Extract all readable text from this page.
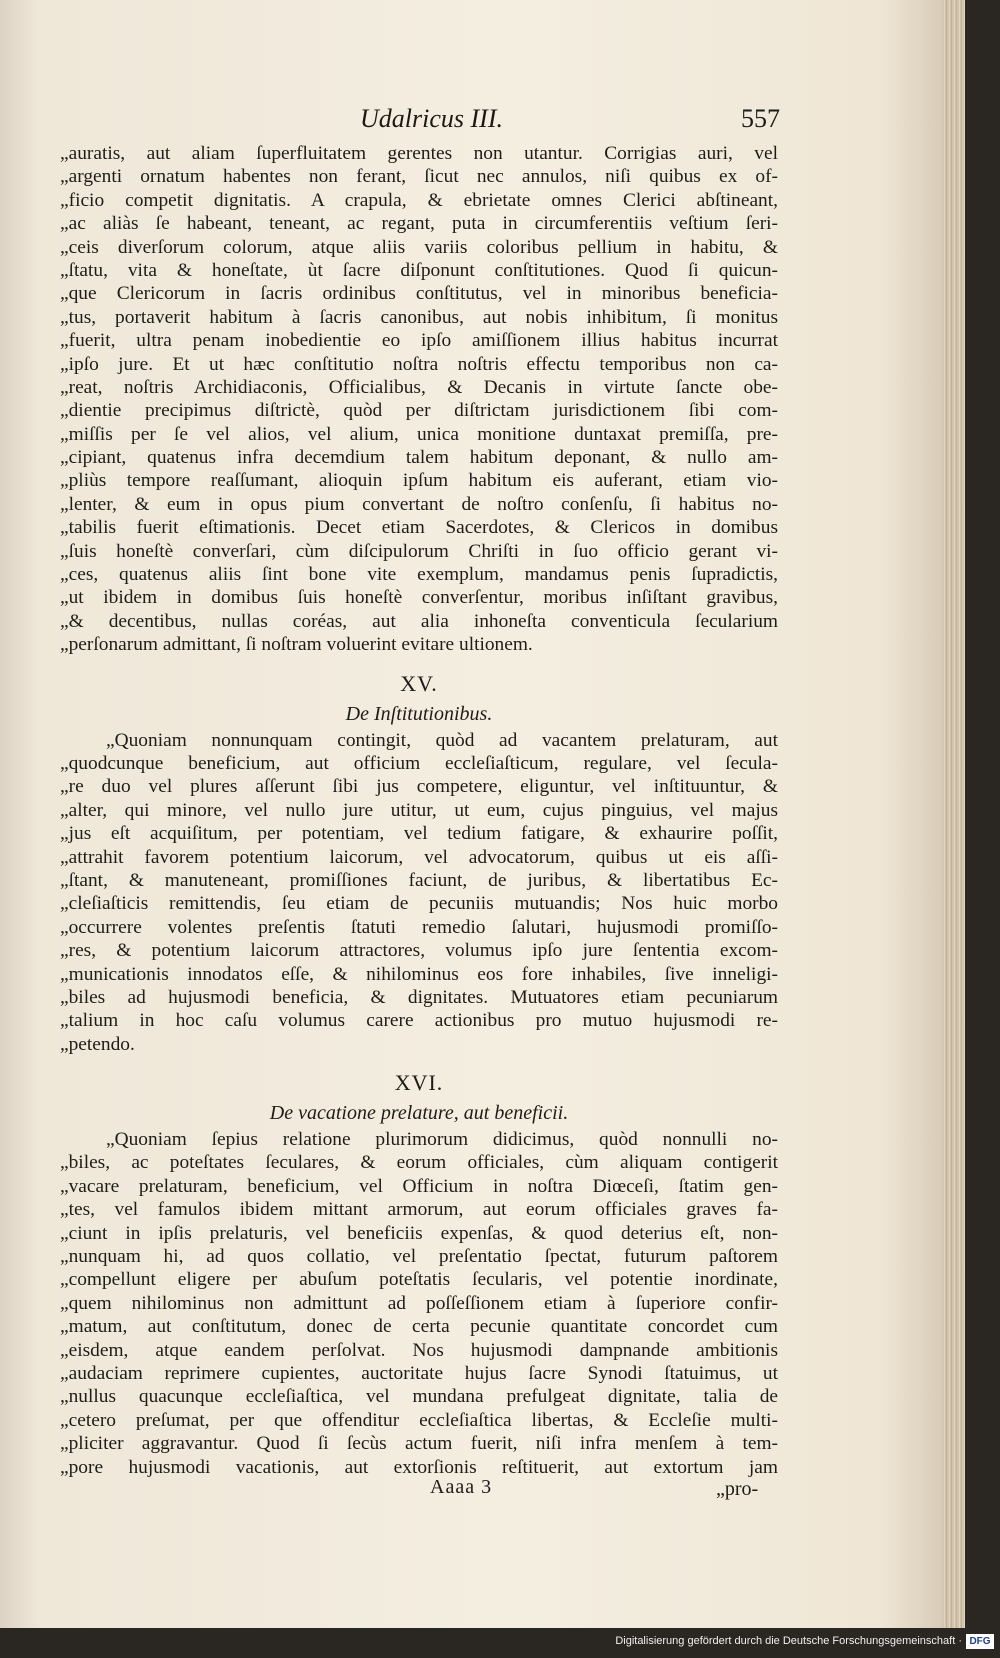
Udalricus III.	557
„auratis, aut aliam ſuperfluitatem gerentes non utantur. Corrigias auri, vel
„argenti ornatum habentes non ferant, ſicut nec annulos, niſi quibus ex of-
„ficio competit dignitatis. A crapula, & ebrietate omnes Clerici abſtineant,
„ac aliàs ſe habeant, teneant, ac regant, puta in circumferentiis veſtium ſeri-
„ceis diverſorum colorum, atque aliis variis coloribus pellium in habitu, &
„ſtatu, vita & honeſtate, ùt ſacre diſponunt conſtitutiones. Quod ſi quicun-
„que Clericorum in ſacris ordinibus conſtitutus, vel in minoribus beneficia-
„tus, portaverit habitum à ſacris canonibus, aut nobis inhibitum, ſi monitus
„fuerit, ultra penam inobedientie eo ipſo amiſſionem illius habitus incurrat
„ipſo jure. Et ut hæc conſtitutio noſtra noſtris effectu temporibus non ca-
„reat, noſtris Archidiaconis, Officialibus, & Decanis in virtute ſancte obe-
„dientie precipimus diſtrictè, quòd per diſtrictam jurisdictionem ſibi com-
„miſſis per ſe vel alios, vel alium, unica monitione duntaxat premiſſa, pre-
„cipiant, quatenus infra decemdium talem habitum deponant, & nullo am-
„pliùs tempore reaſſumant, alioquin ipſum habitum eis auferant, etiam vio-
„lenter, & eum in opus pium convertant de noſtro conſenſu, ſi habitus no-
„tabilis fuerit eſtimationis. Decet etiam Sacerdotes, & Clericos in domibus
„ſuis honeſtè converſari, cùm diſcipulorum Chriſti in ſuo officio gerant vi-
„ces, quatenus aliis ſint bone vite exemplum, mandamus penis ſupradictis,
„ut ibidem in domibus ſuis honeſtè converſentur, moribus inſiſtant gravibus,
„& decentibus, nullas coréas, aut alia inhoneſta conventicula ſecularium
„perſonarum admittant, ſi noſtram voluerint evitare ultionem.
XV.
De Inſtitutionibus.
„Quoniam nonnunquam contingit, quòd ad vacantem prelaturam, aut
„quodcunque beneficium, aut officium eccleſiaſticum, regulare, vel ſecula-
„re duo vel plures aſſerunt ſibi jus competere, eliguntur, vel inſtituuntur, &
„alter, qui minore, vel nullo jure utitur, ut eum, cujus pinguius, vel majus
„jus eſt acquiſitum, per potentiam, vel tedium fatigare, & exhaurire poſſit,
„attrahit favorem potentium laicorum, vel advocatorum, quibus ut eis aſſi-
„ſtant, & manuteneant, promiſſiones faciunt, de juribus, & libertatibus Ec-
„cleſiaſticis remittendis, ſeu etiam de pecuniis mutuandis; Nos huic morbo
„occurrere volentes preſentis ſtatuti remedio ſalutari, hujusmodi promiſſo-
„res, & potentium laicorum attractores, volumus ipſo jure ſententia excom-
„municationis innodatos eſſe, & nihilominus eos fore inhabiles, ſive inneligi-
„biles ad hujusmodi beneficia, & dignitates. Mutuatores etiam pecuniarum
„talium in hoc caſu volumus carere actionibus pro mutuo hujusmodi re-
„petendo.
XVI.
De vacatione prelature, aut beneficii.
„Quoniam ſepius relatione plurimorum didicimus, quòd nonnulli no-
„biles, ac poteſtates ſeculares, & eorum officiales, cùm aliquam contigerit
„vacare prelaturam, beneficium, vel Officium in noſtra Diœceſi, ſtatim gen-
„tes, vel famulos ibidem mittant armorum, aut eorum officiales graves fa-
„ciunt in ipſis prelaturis, vel beneficiis expenſas, & quod deterius eſt, non-
„nunquam hi, ad quos collatio, vel preſentatio ſpectat, futurum paſtorem
„compellunt eligere per abuſum poteſtatis ſecularis, vel potentie inordinate,
„quem nihilominus non admittunt ad poſſeſſionem etiam à ſuperiore confir-
„matum, aut conſtitutum, donec de certa pecunie quantitate concordet cum
„eisdem, atque eandem perſolvat. Nos hujusmodi dampnande ambitionis
„audaciam reprimere cupientes, auctoritate hujus ſacre Synodi ſtatuimus, ut
„nullus quacunque eccleſiaſtica, vel mundana prefulgeat dignitate, talia de
„cetero preſumat, per que offenditur eccleſiaſtica libertas, & Eccleſie multi-
„pliciter aggravantur. Quod ſi ſecùs actum fuerit, niſi infra menſem à tem-
„pore hujusmodi vacationis, aut extorſionis reſtituerit, aut extortum jam
Aaaa 3	„pro-
Digitalisierung gefördert durch die Deutsche Forschungsgemeinschaft · DFG
